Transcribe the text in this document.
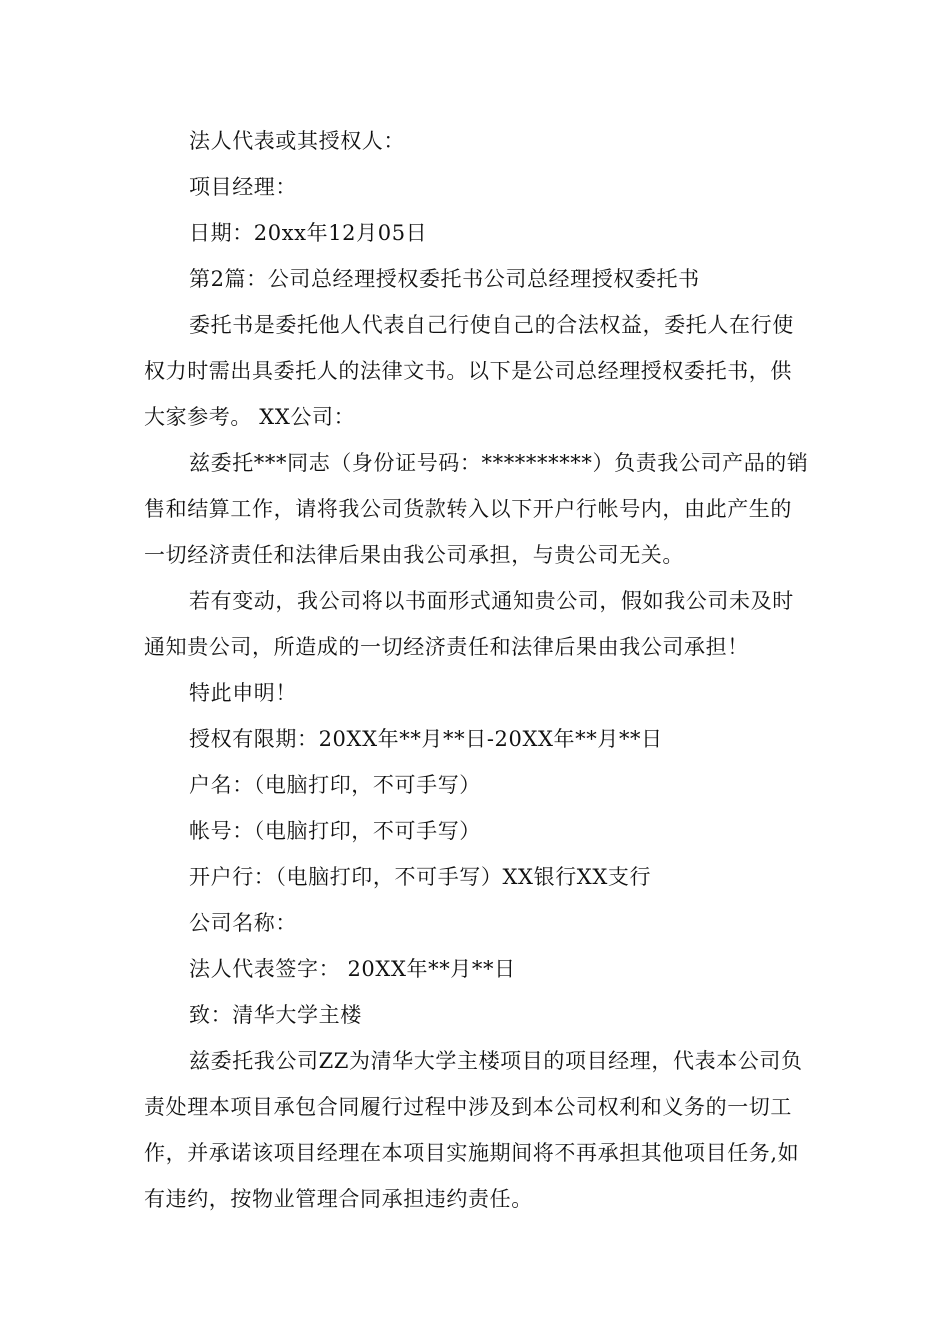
法人代表或其授权人：

项目经理：

日期：20xx年12月05日

第2篇：公司总经理授权委托书公司总经理授权委托书

委托书是委托他人代表自己行使自己的合法权益，委托人在行使权力时需出具委托人的法律文书。以下是公司总经理授权委托书，供大家参考。 XX公司：

兹委托***同志（身份证号码：**********）负责我公司产品的销售和结算工作，请将我公司货款转入以下开户行帐号内，由此产生的一切经济责任和法律后果由我公司承担，与贵公司无关。

若有变动，我公司将以书面形式通知贵公司，假如我公司未及时通知贵公司，所造成的一切经济责任和法律后果由我公司承担！

特此申明！

授权有限期：20XX年**月**日-20XX年**月**日

户名：（电脑打印，不可手写）

帐号：（电脑打印，不可手写）

开户行：（电脑打印，不可手写）XX银行XX支行

公司名称：

法人代表签字： 20XX年**月**日

致：清华大学主楼

兹委托我公司ZZ为清华大学主楼项目的项目经理，代表本公司负责处理本项目承包合同履行过程中涉及到本公司权利和义务的一切工作，并承诺该项目经理在本项目实施期间将不再承担其他项目任务,如有违约，按物业管理合同承担违约责任。
